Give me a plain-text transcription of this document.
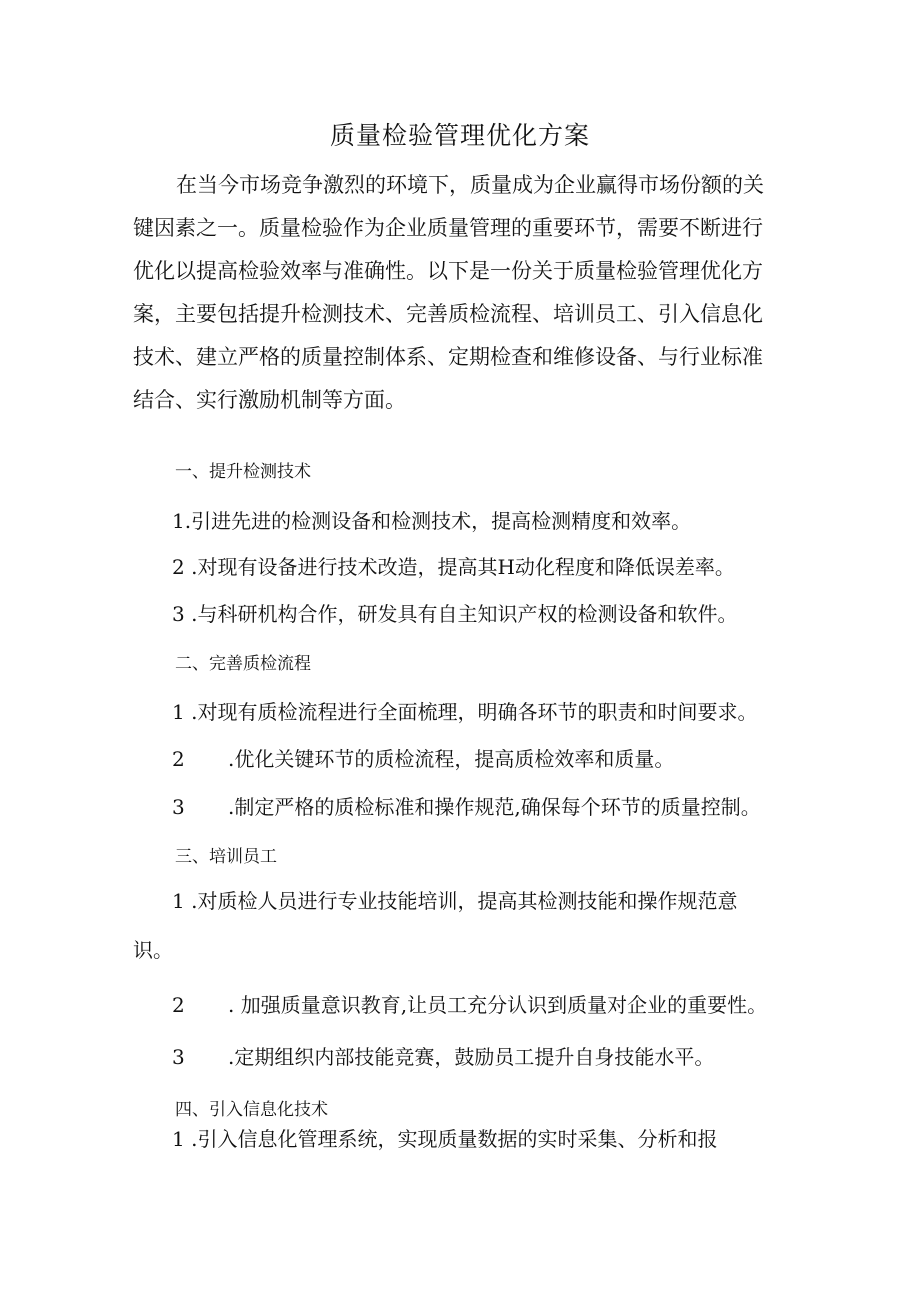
质量检验管理优化方案
在当今市场竞争激烈的环境下，质量成为企业赢得市场份额的关
键因素之一。质量检验作为企业质量管理的重要环节，需要不断进行
优化以提高检验效率与准确性。以下是一份关于质量检验管理优化方
案，主要包括提升检测技术、完善质检流程、培训员工、引入信息化
技术、建立严格的质量控制体系、定期检查和维修设备、与行业标准
结合、实行激励机制等方面。
一、提升检测技术
1.引进先进的检测设备和检测技术，提高检测精度和效率。
2 .对现有设备进行技术改造，提高其H动化程度和降低误差率。
3 .与科研机构合作，研发具有自主知识产权的检测设备和软件。
二、完善质检流程
1 .对现有质检流程进行全面梳理，明确各环节的职责和时间要求。
2 .优化关键环节的质检流程，提高质检效率和质量。
3 .制定严格的质检标准和操作规范,确保每个环节的质量控制。
三、培训员工
1 .对质检人员进行专业技能培训，提高其检测技能和操作规范意
识。
2 . 加强质量意识教育,让员工充分认识到质量对企业的重要性。
3 .定期组织内部技能竞赛，鼓励员工提升自身技能水平。
四、引入信息化技术
1 .引入信息化管理系统，实现质量数据的实时采集、分析和报
